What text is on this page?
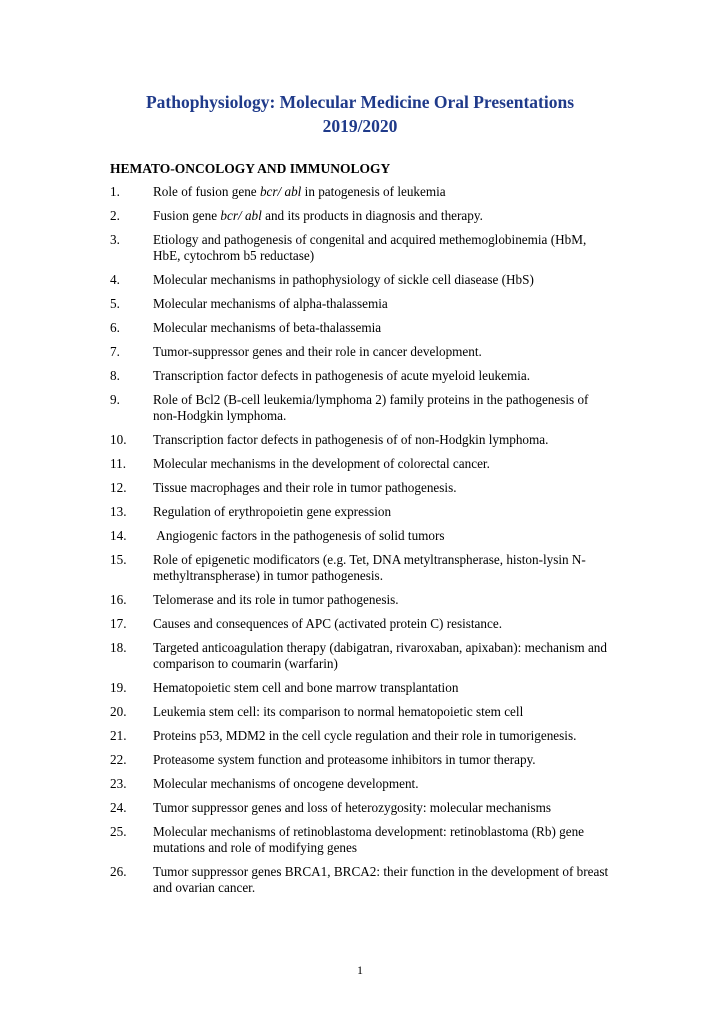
Pathophysiology: Molecular Medicine Oral Presentations
2019/2020
HEMATO-ONCOLOGY AND IMMUNOLOGY
1.	Role of fusion gene bcr/ abl in patogenesis of leukemia
2.	Fusion gene bcr/ abl and its products in diagnosis and therapy.
3.	Etiology and pathogenesis of congenital and acquired methemoglobinemia (HbM, HbE, cytochrom b5 reductase)
4.	Molecular mechanisms in pathophysiology of sickle cell diasease (HbS)
5.	Molecular mechanisms of alpha-thalassemia
6.	Molecular mechanisms of beta-thalassemia
7.	Tumor-suppressor genes and their role in cancer development.
8.	Transcription factor defects in pathogenesis of acute myeloid leukemia.
9.	Role of Bcl2 (B-cell leukemia/lymphoma 2) family proteins in the pathogenesis of non-Hodgkin lymphoma.
10.	Transcription factor defects in pathogenesis of of non-Hodgkin lymphoma.
11.	Molecular mechanisms in the development of colorectal cancer.
12.	Tissue macrophages and their role in tumor pathogenesis.
13.	Regulation of erythropoietin gene expression
14.	Angiogenic factors in the pathogenesis of solid tumors
15.	Role of epigenetic modificators (e.g. Tet, DNA metyltranspherase, histon-lysin N-methyltranspherase) in tumor pathogenesis.
16.	Telomerase and its role in tumor pathogenesis.
17.	Causes and consequences of APC (activated protein C) resistance.
18.	Targeted anticoagulation therapy (dabigatran, rivaroxaban, apixaban): mechanism and comparison to coumarin (warfarin)
19.	Hematopoietic stem cell and bone marrow transplantation
20.	Leukemia stem cell: its comparison to normal hematopoietic stem cell
21.	Proteins p53, MDM2 in the cell cycle regulation and their role in tumorigenesis.
22.	Proteasome system function and proteasome inhibitors in tumor therapy.
23.	Molecular mechanisms of oncogene development.
24.	Tumor suppressor genes and loss of heterozygosity: molecular mechanisms
25.	Molecular mechanisms of retinoblastoma development: retinoblastoma (Rb) gene mutations and role of modifying genes
26.	Tumor suppressor genes BRCA1, BRCA2: their function in the development of breast and ovarian cancer.
1
